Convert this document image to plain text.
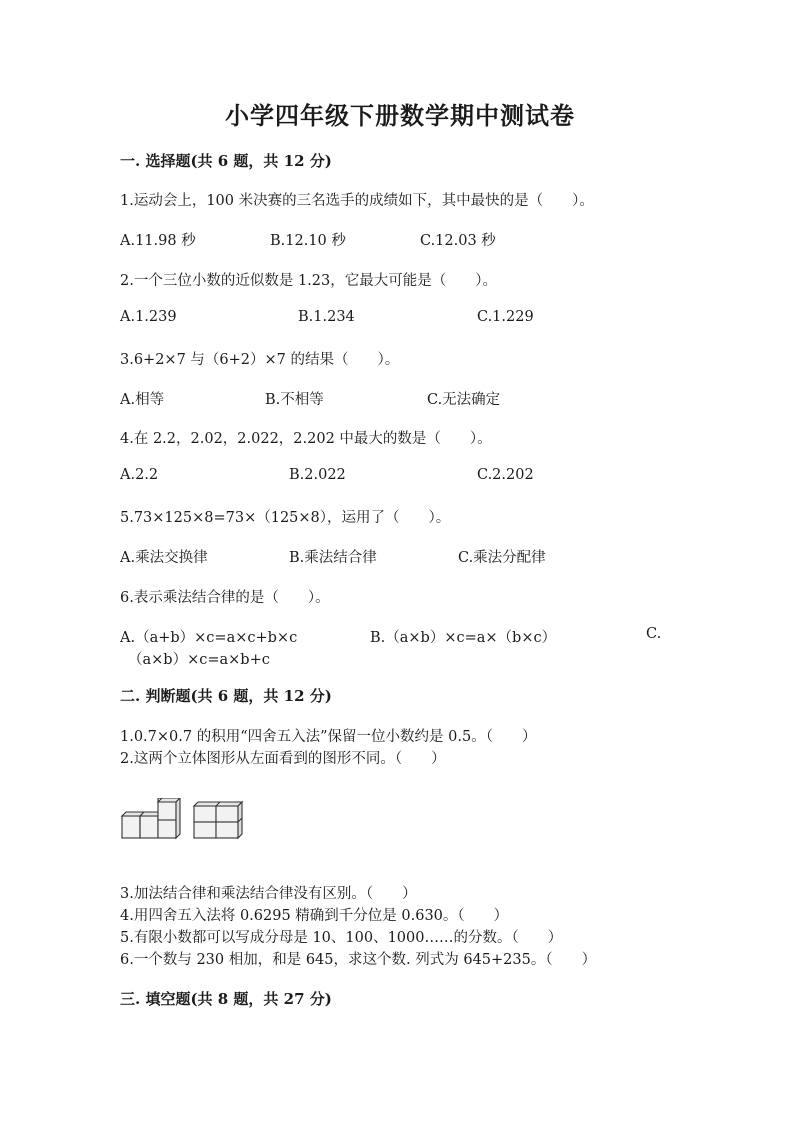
小学四年级下册数学期中测试卷
一. 选择题(共 6 题，共 12 分)
1.运动会上，100 米决赛的三名选手的成绩如下，其中最快的是（　　）。
A.11.98 秒	B.12.10 秒	C.12.03 秒
2.一个三位小数的近似数是 1.23，它最大可能是（　　）。
A.1.239	B.1.234	C.1.229
3.6+2×7 与（6+2）×7 的结果（　　）。
A.相等	B.不相等	C.无法确定
4.在 2.2，2.02，2.022，2.202 中最大的数是（　　）。
A.2.2	B.2.022	C.2.202
5.73×125×8=73×（125×8），运用了（　　）。
A.乘法交换律	B.乘法结合律	C.乘法分配律
6.表示乘法结合律的是（　　）。
A.（a+b）×c=a×c+b×c	B.（a×b）×c=a×（b×c）	C.
（a×b）×c=a×b+c
二. 判断题(共 6 题，共 12 分)
1.0.7×0.7 的积用“四舍五入法”保留一位小数约是 0.5。（　　）
2.这两个立体图形从左面看到的图形不同。（　　）
3.加法结合律和乘法结合律没有区别。（　　）
4.用四舍五入法将 0.6295 精确到千分位是 0.630。（　　）
5.有限小数都可以写成分母是 10、100、1000……的分数。（　　）
6.一个数与 230 相加，和是 645，求这个数. 列式为 645+235。（　　）
三. 填空题(共 8 题，共 27 分)
